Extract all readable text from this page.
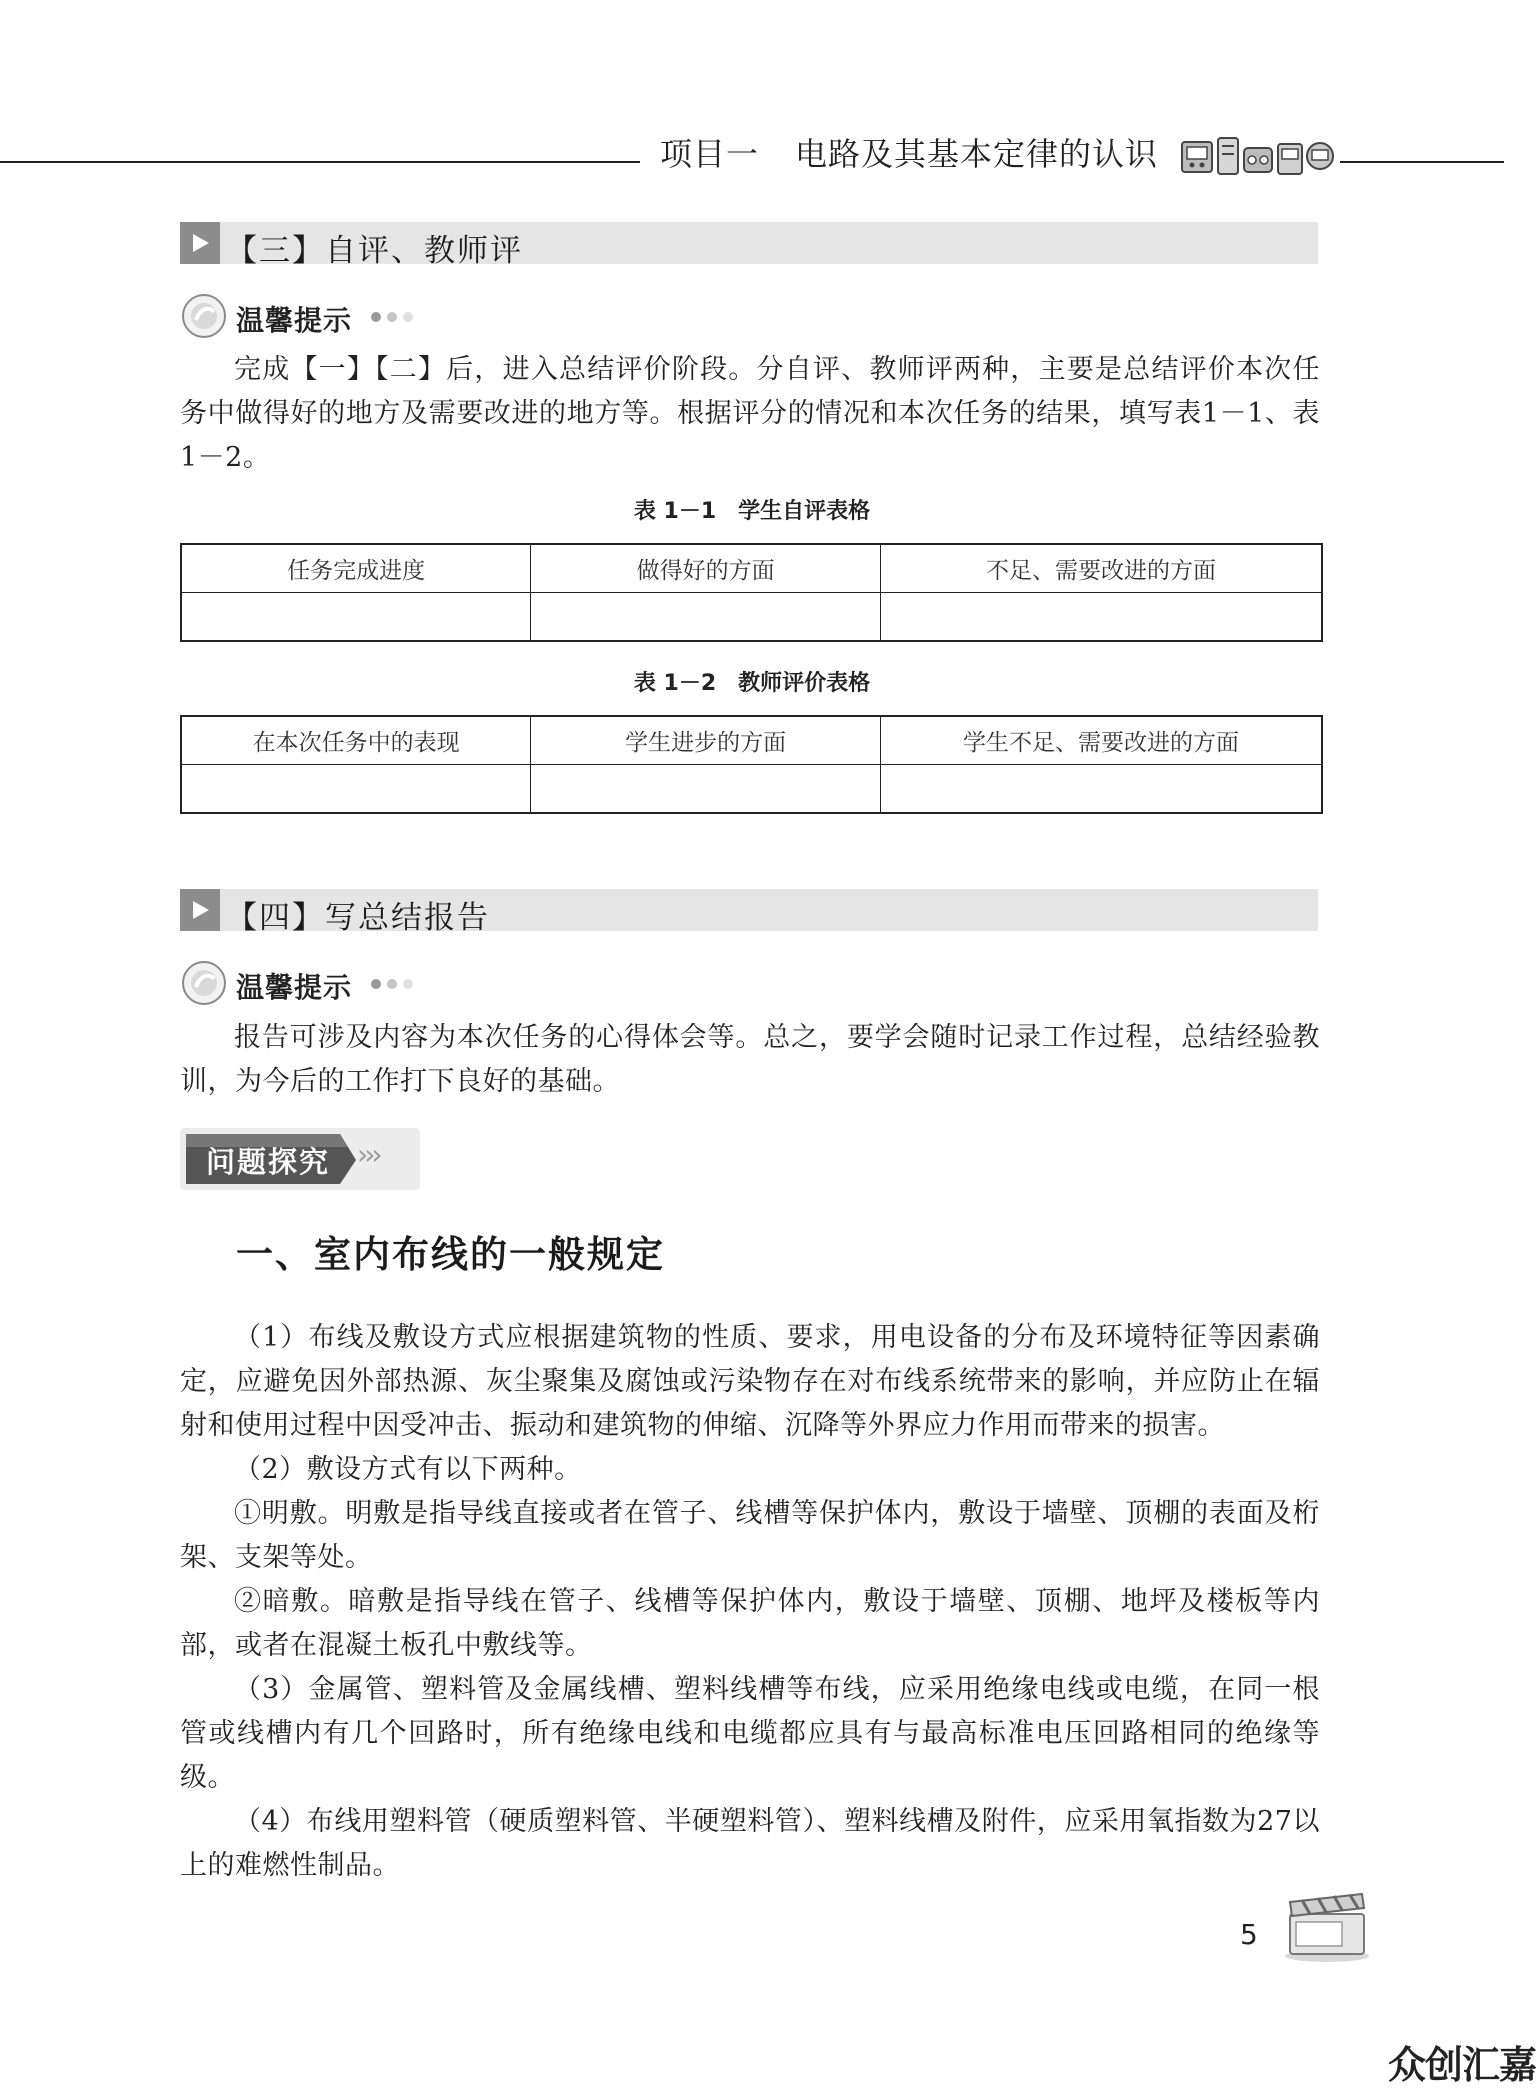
项目一 电路及其基本定律的认识
【三】自评、教师评
温馨提示

完成【一】【二】后，进入总结评价阶段。分自评、教师评两种，主要是总结评价本次任务中做得好的地方及需要改进的地方等。根据评分的情况和本次任务的结果，填写表1－1、表1－2。

表 1－1　学生自评表格
任务完成进度	做得好的方面	不足、需要改进的方面

表 1－2　教师评价表格
在本次任务中的表现	学生进步的方面	学生不足、需要改进的方面

【四】写总结报告
温馨提示

报告可涉及内容为本次任务的心得体会等。总之，要学会随时记录工作过程，总结经验教训，为今后的工作打下良好的基础。

问题探究 ›››
一、室内布线的一般规定

（1）布线及敷设方式应根据建筑物的性质、要求，用电设备的分布及环境特征等因素确定，应避免因外部热源、灰尘聚集及腐蚀或污染物存在对布线系统带来的影响，并应防止在辐射和使用过程中因受冲击、振动和建筑物的伸缩、沉降等外界应力作用而带来的损害。

（2）敷设方式有以下两种。

①明敷。明敷是指导线直接或者在管子、线槽等保护体内，敷设于墙壁、顶棚的表面及桁架、支架等处。

②暗敷。暗敷是指导线在管子、线槽等保护体内，敷设于墙壁、顶棚、地坪及楼板等内部，或者在混凝土板孔中敷线等。

（3）金属管、塑料管及金属线槽、塑料线槽等布线，应采用绝缘电线或电缆，在同一根管或线槽内有几个回路时，所有绝缘电线和电缆都应具有与最高标准电压回路相同的绝缘等级。

（4）布线用塑料管（硬质塑料管、半硬塑料管）、塑料线槽及附件，应采用氧指数为27以上的难燃性制品。

5
众创汇嘉
